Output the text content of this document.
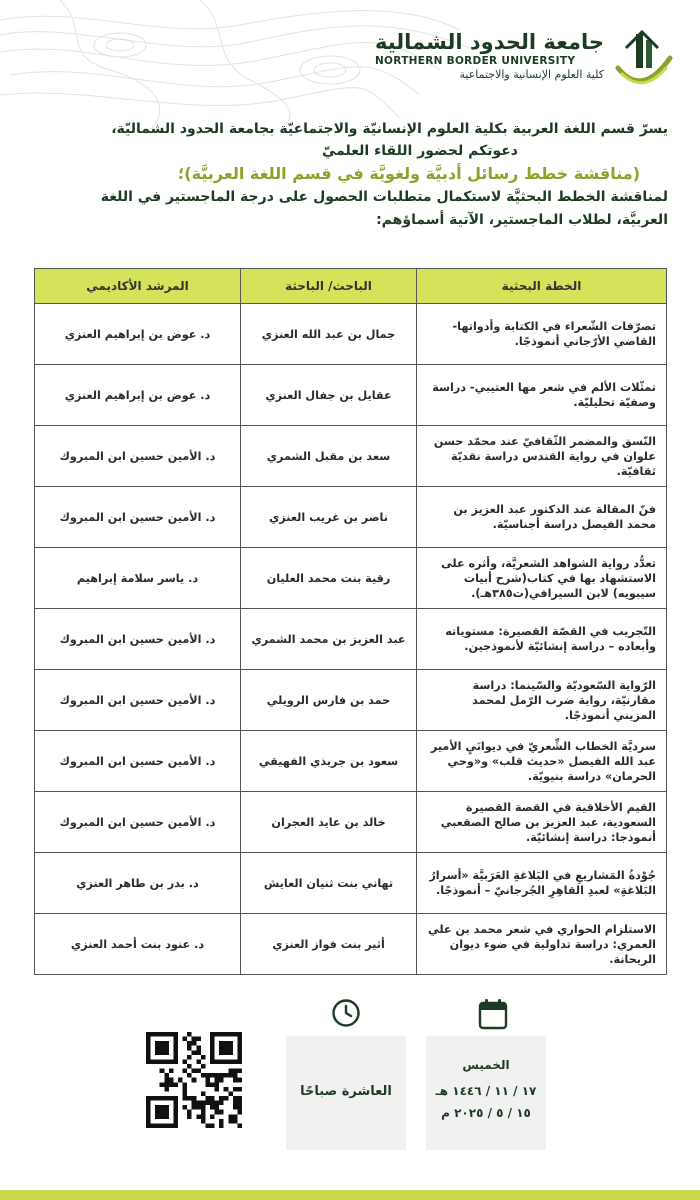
جامعة الحدود الشمالية
NORTHERN BORDER UNIVERSITY
كلية العلوم الإنسانية والاجتماعية

يسرّ قسم اللغة العربية بكلية العلوم الإنسانيّة والاجتماعيّة بجامعة الحدود الشماليّة،

دعوتكم لحضور اللقاء العلميّ

(مناقشة خطط رسائل أدبيَّة ولغويَّة في قسم اللغة العربيَّة)؛

لمناقشة الخطط البحثيَّة لاستكمال متطلبات الحصول على درجة الماجستير في اللغة

العربيَّة، لطلاب الماجستير، الآتية أسماؤهم:

الخطة البحثية	الباحث/ الباحثة	المرشد الأكاديمي
تصرّفات الشّعراء في الكتابة وأدواتها- القاضي الأرّجاني أنموذجًا.	جمال بن عبد الله العنزي	د. عوض بن إبراهيم العنزي
تمثّلات الألم في شعر مها العتيبي- دراسة وصفيّة تحليليّة.	عقايل بن جفال العنزي	د. عوض بن إبراهيم العنزي
النّسق والمضمر الثّقافيّ عند محمّد حسن علوان في رواية القندس دراسة نقديّة ثقافيّة.	سعد بن مقبل الشمري	د. الأمين حسين ابن المبروك
فنّ المقالة عند الدكتور عبد العزيز بن محمد الفيصل دراسة أجناسيّة.	ناصر بن غريب العنزي	د. الأمين حسين ابن المبروك
تعدُّد رواية الشواهد الشعريَّة، وأثره على الاستشهاد بها في كتاب(شرح أبيات سيبويه) لابن السيرافي(ت٣٨٥هـ).	رقية بنت محمد العليان	د. ياسر سلامة إبراهيم
التّجريب في القصّة القصيرة: مستوياته وأبعاده – دراسة إنشائيّة لأنموذجين.	عبد العزيز بن محمد الشمري	د. الأمين حسين ابن المبروك
الرّواية السّعوديّة والسّينما: دراسة مقارنيّة، رواية ضرب الرّمل لمحمد المزيني أنموذجًا.	حمد بن فارس الرويلي	د. الأمين حسين ابن المبروك
سرديَّة الخطاب الشِّعريّ في ديوانَيِ الأمير عبد الله الفيصل «حديث قلب» و«وحي الحرمان» دراسة بنيويّة.	سعود بن جريذي الفهيقي	د. الأمين حسين ابن المبروك
القيم الأخلاقية في القصة القصيرة السعودية، عبد العزيز بن صالح الصقعبي أنموذجا: دراسة إنشائيّة.	خالد بن عايد العجران	د. الأمين حسين ابن المبروك
جُوْدةُ المَشاريعِ في البَلاغةِ العَرَبيَّة «أسرارُ البَلاغةِ» لعبدِ القاهِرِ الجُرجانيّ – أنموذجًا.	تهاني بنت ثنيان العايش	د. بدر بن طاهر العنزي
الاستلزام الحواري في شعر محمد بن علي العمري: دراسة تداولية في ضوء ديوان الريحانة.	أثير بنت فواز العنزي	د. عنود بنت أحمد العنزي
الخميس
١٧ / ١١ / ١٤٤٦ هـ
١٥ / ٥ / ٢٠٢٥ م
العاشرة صباحًا
